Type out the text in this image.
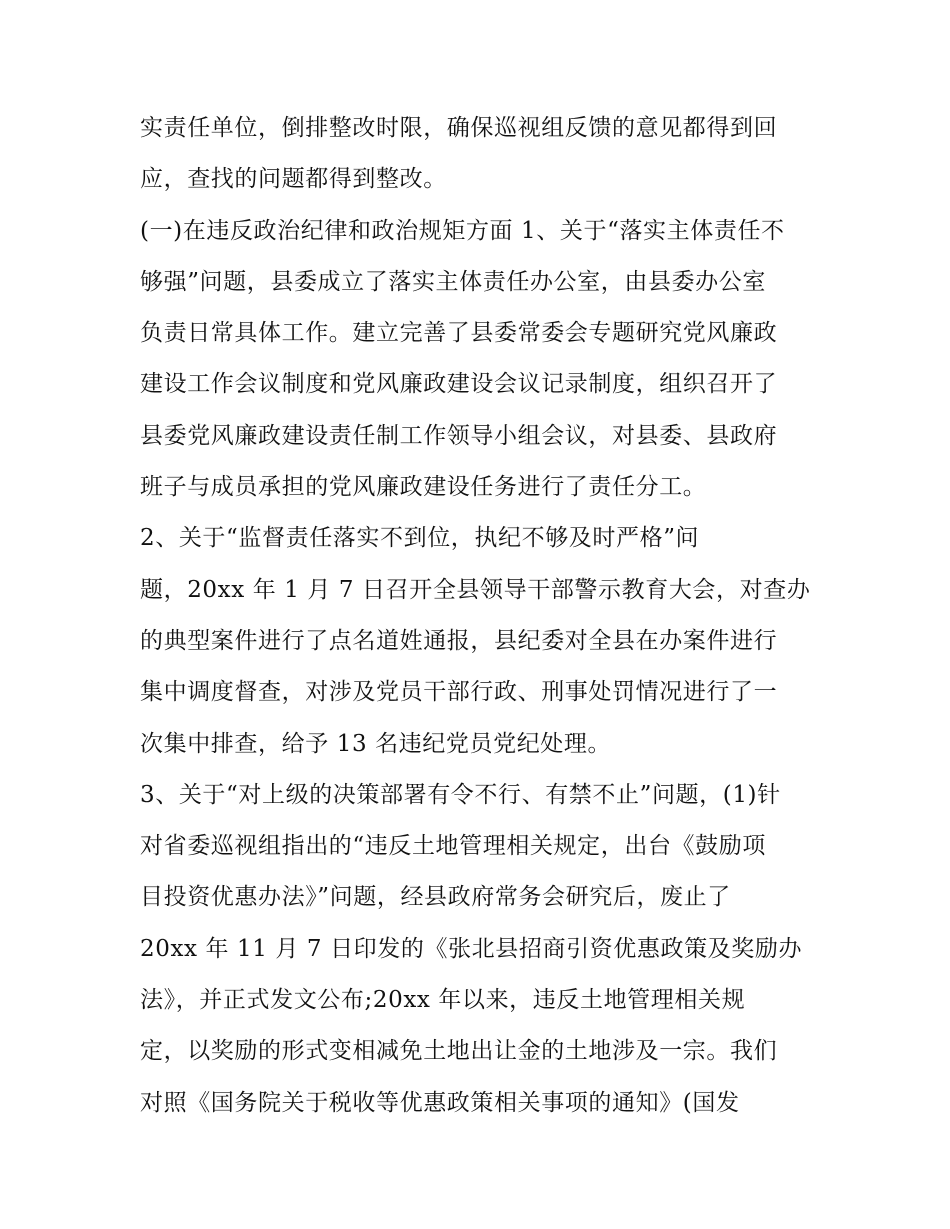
实责任单位，倒排整改时限，确保巡视组反馈的意见都得到回
应，查找的问题都得到整改。
(一)在违反政治纪律和政治规矩方面 1、关于“落实主体责任不
够强”问题，县委成立了落实主体责任办公室，由县委办公室
负责日常具体工作。建立完善了县委常委会专题研究党风廉政
建设工作会议制度和党风廉政建设会议记录制度，组织召开了
县委党风廉政建设责任制工作领导小组会议，对县委、县政府
班子与成员承担的党风廉政建设任务进行了责任分工。
2、关于“监督责任落实不到位，执纪不够及时严格”问
题，20xx 年 1 月 7 日召开全县领导干部警示教育大会，对查办
的典型案件进行了点名道姓通报，县纪委对全县在办案件进行
集中调度督查，对涉及党员干部行政、刑事处罚情况进行了一
次集中排查，给予 13 名违纪党员党纪处理。
3、关于“对上级的决策部署有令不行、有禁不止”问题，(1)针
对省委巡视组指出的“违反土地管理相关规定，出台《鼓励项
目投资优惠办法》”问题，经县政府常务会研究后，废止了
20xx 年 11 月 7 日印发的《张北县招商引资优惠政策及奖励办
法》，并正式发文公布;20xx 年以来，违反土地管理相关规
定，以奖励的形式变相减免土地出让金的土地涉及一宗。我们
对照《国务院关于税收等优惠政策相关事项的通知》(国发
